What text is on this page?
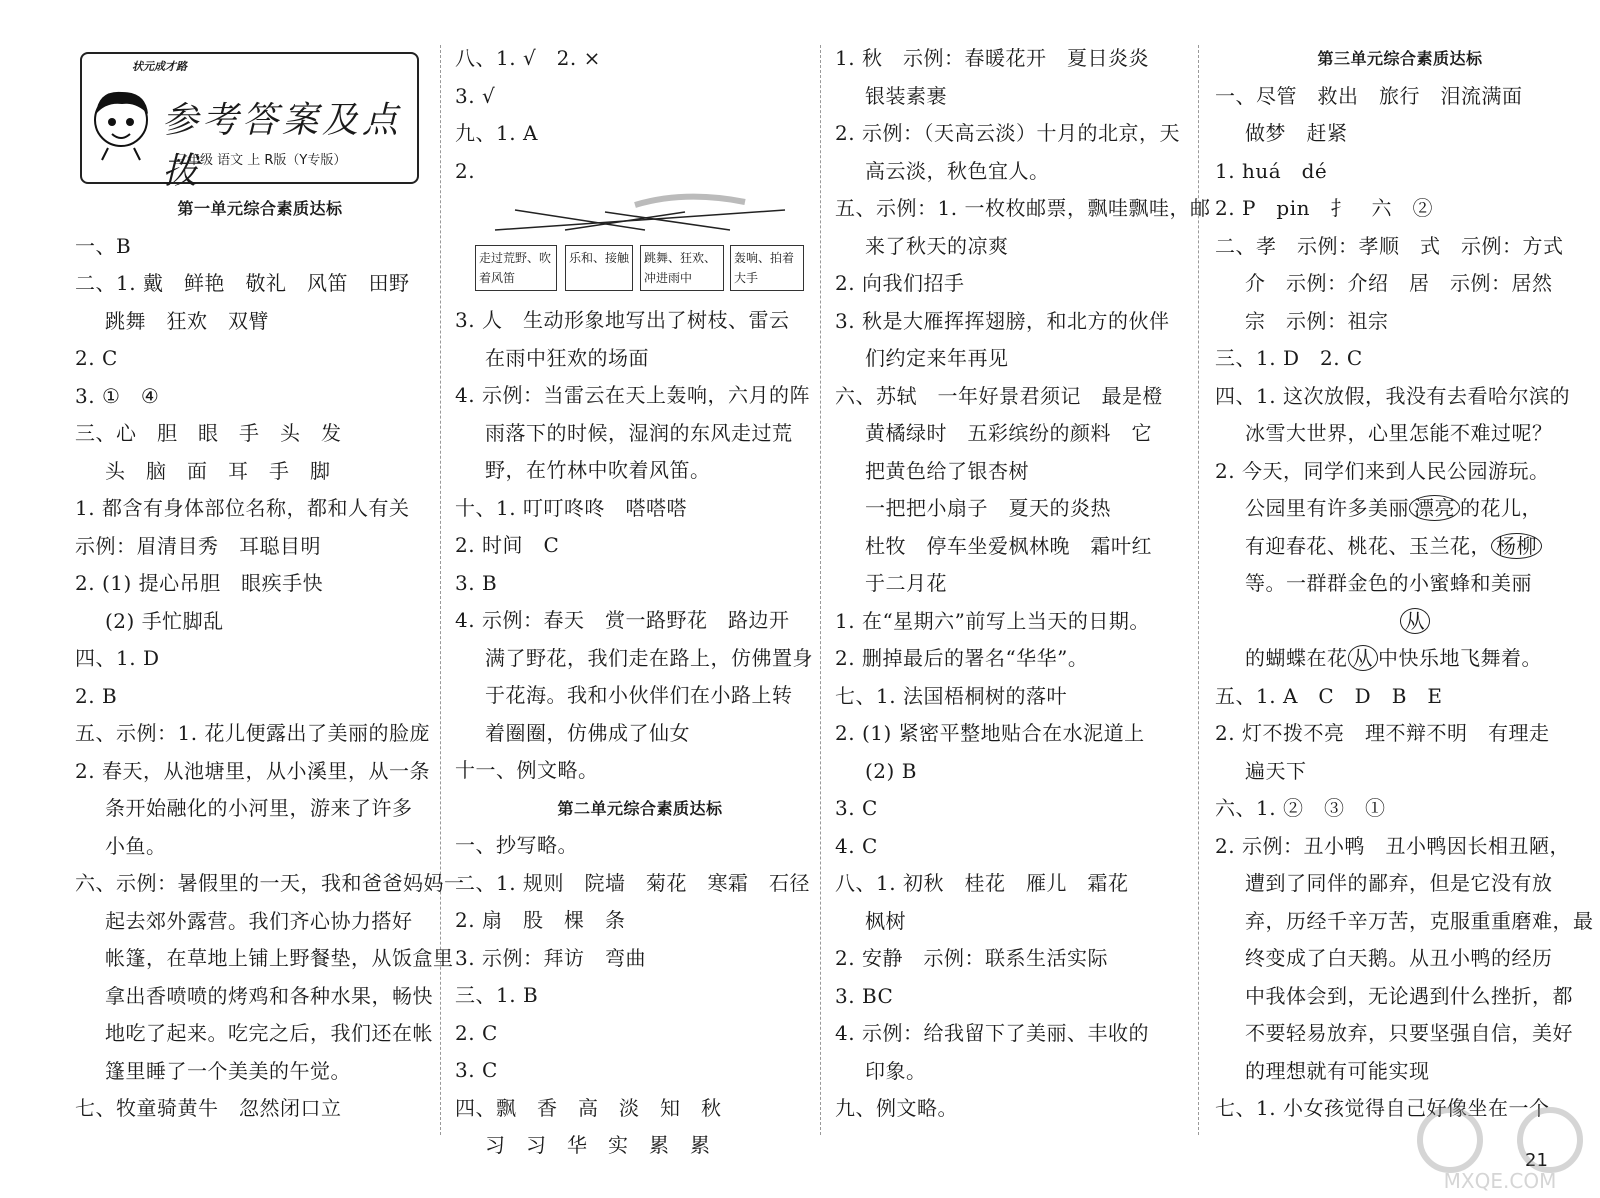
状元成才路
参考答案及点拨
三年级 语文 上 R版（Y专版）
第一单元综合素质达标
一、B
二、1. 戴　鲜艳　敬礼　风笛　田野
跳舞　狂欢　双臂
2. C
3. ①　④
三、心　胆　眼　手　头　发
头　脑　面　耳　手　脚
1. 都含有身体部位名称，都和人有关
示例：眉清目秀　耳聪目明
2. (1) 提心吊胆　眼疾手快
(2) 手忙脚乱
四、1. D
2. B
五、示例：1. 花儿便露出了美丽的脸庞
2. 春天，从池塘里，从小溪里，从一条
条开始融化的小河里，游来了许多
小鱼。
六、示例：暑假里的一天，我和爸爸妈妈一
起去郊外露营。我们齐心协力搭好
帐篷，在草地上铺上野餐垫，从饭盒里
拿出香喷喷的烤鸡和各种水果，畅快
地吃了起来。吃完之后，我们还在帐
篷里睡了一个美美的午觉。
七、牧童骑黄牛　忽然闭口立
八、1. √　2. ×
3. √
九、1. A
2.
走过荒野、吹着风笛
乐和、接触	跳舞、狂欢、冲进雨中
轰响、拍着大手
3. 人　生动形象地写出了树枝、雷云
在雨中狂欢的场面
4. 示例：当雷云在天上轰响，六月的阵
雨落下的时候，湿润的东风走过荒
野，在竹林中吹着风笛。
十、1. 叮叮咚咚　嗒嗒嗒
2. 时间　C
3. B
4. 示例：春天　赏一路野花　路边开
满了野花，我们走在路上，仿佛置身
于花海。我和小伙伴们在小路上转
着圈圈，仿佛成了仙女
十一、例文略。
第二单元综合素质达标
一、抄写略。
二、1. 规则　院墙　菊花　寒霜　石径
2. 扇　股　棵　条
3. 示例：拜访　弯曲
三、1. B
2. C
3. C
四、飘　香　高　淡　知　秋
习　习　华　实　累　累
1. 秋　示例：春暖花开　夏日炎炎
银装素裹
2. 示例：（天高云淡）十月的北京，天
高云淡，秋色宜人。
五、示例：1. 一枚枚邮票，飘哇飘哇，邮
来了秋天的凉爽
2. 向我们招手
3. 秋是大雁挥挥翅膀，和北方的伙伴
们约定来年再见
六、苏轼　一年好景君须记　最是橙
黄橘绿时　五彩缤纷的颜料　它
把黄色给了银杏树
一把把小扇子　夏天的炎热
杜牧　停车坐爱枫林晚　霜叶红
于二月花
1. 在“星期六”前写上当天的日期。
2. 删掉最后的署名“华华”。
七、1. 法国梧桐树的落叶
2. (1) 紧密平整地贴合在水泥道上
(2) B
3. C
4. C
八、1. 初秋　桂花　雁儿　霜花
枫树
2. 安静　示例：联系生活实际
3. BC
4. 示例：给我留下了美丽、丰收的
印象。
九、例文略。
第三单元综合素质达标
一、尽管　救出　旅行　泪流满面
做梦　赶紧
1. huá　dé
2. P　pin　扌　六　②
二、孝　示例：孝顺　式　示例：方式
介　示例：介绍　居　示例：居然
宗　示例：祖宗
三、1. D　2. C
四、1. 这次放假，我没有去看哈尔滨的
冰雪大世界，心里怎能不难过呢？
2. 今天，同学们来到人民公园游玩。
公园里有许多美丽 漂亮 的花儿，
有迎春花、桃花、玉兰花， 杨柳
等。一群群金色的小蜜蜂和美丽
从
的蝴蝶在花 从 中快乐地飞舞着。
五、1. A　C　D　B　E
2. 灯不拨不亮　理不辩不明　有理走
遍天下
六、1. ②　③　①
2. 示例：丑小鸭　丑小鸭因长相丑陋，
遭到了同伴的鄙弃，但是它没有放
弃，历经千辛万苦，克服重重磨难，最
终变成了白天鹅。从丑小鸭的经历
中我体会到，无论遇到什么挫折，都
不要轻易放弃，只要坚强自信，美好
的理想就有可能实现
七、1. 小女孩觉得自己好像坐在一个
21
MXQE.COM
